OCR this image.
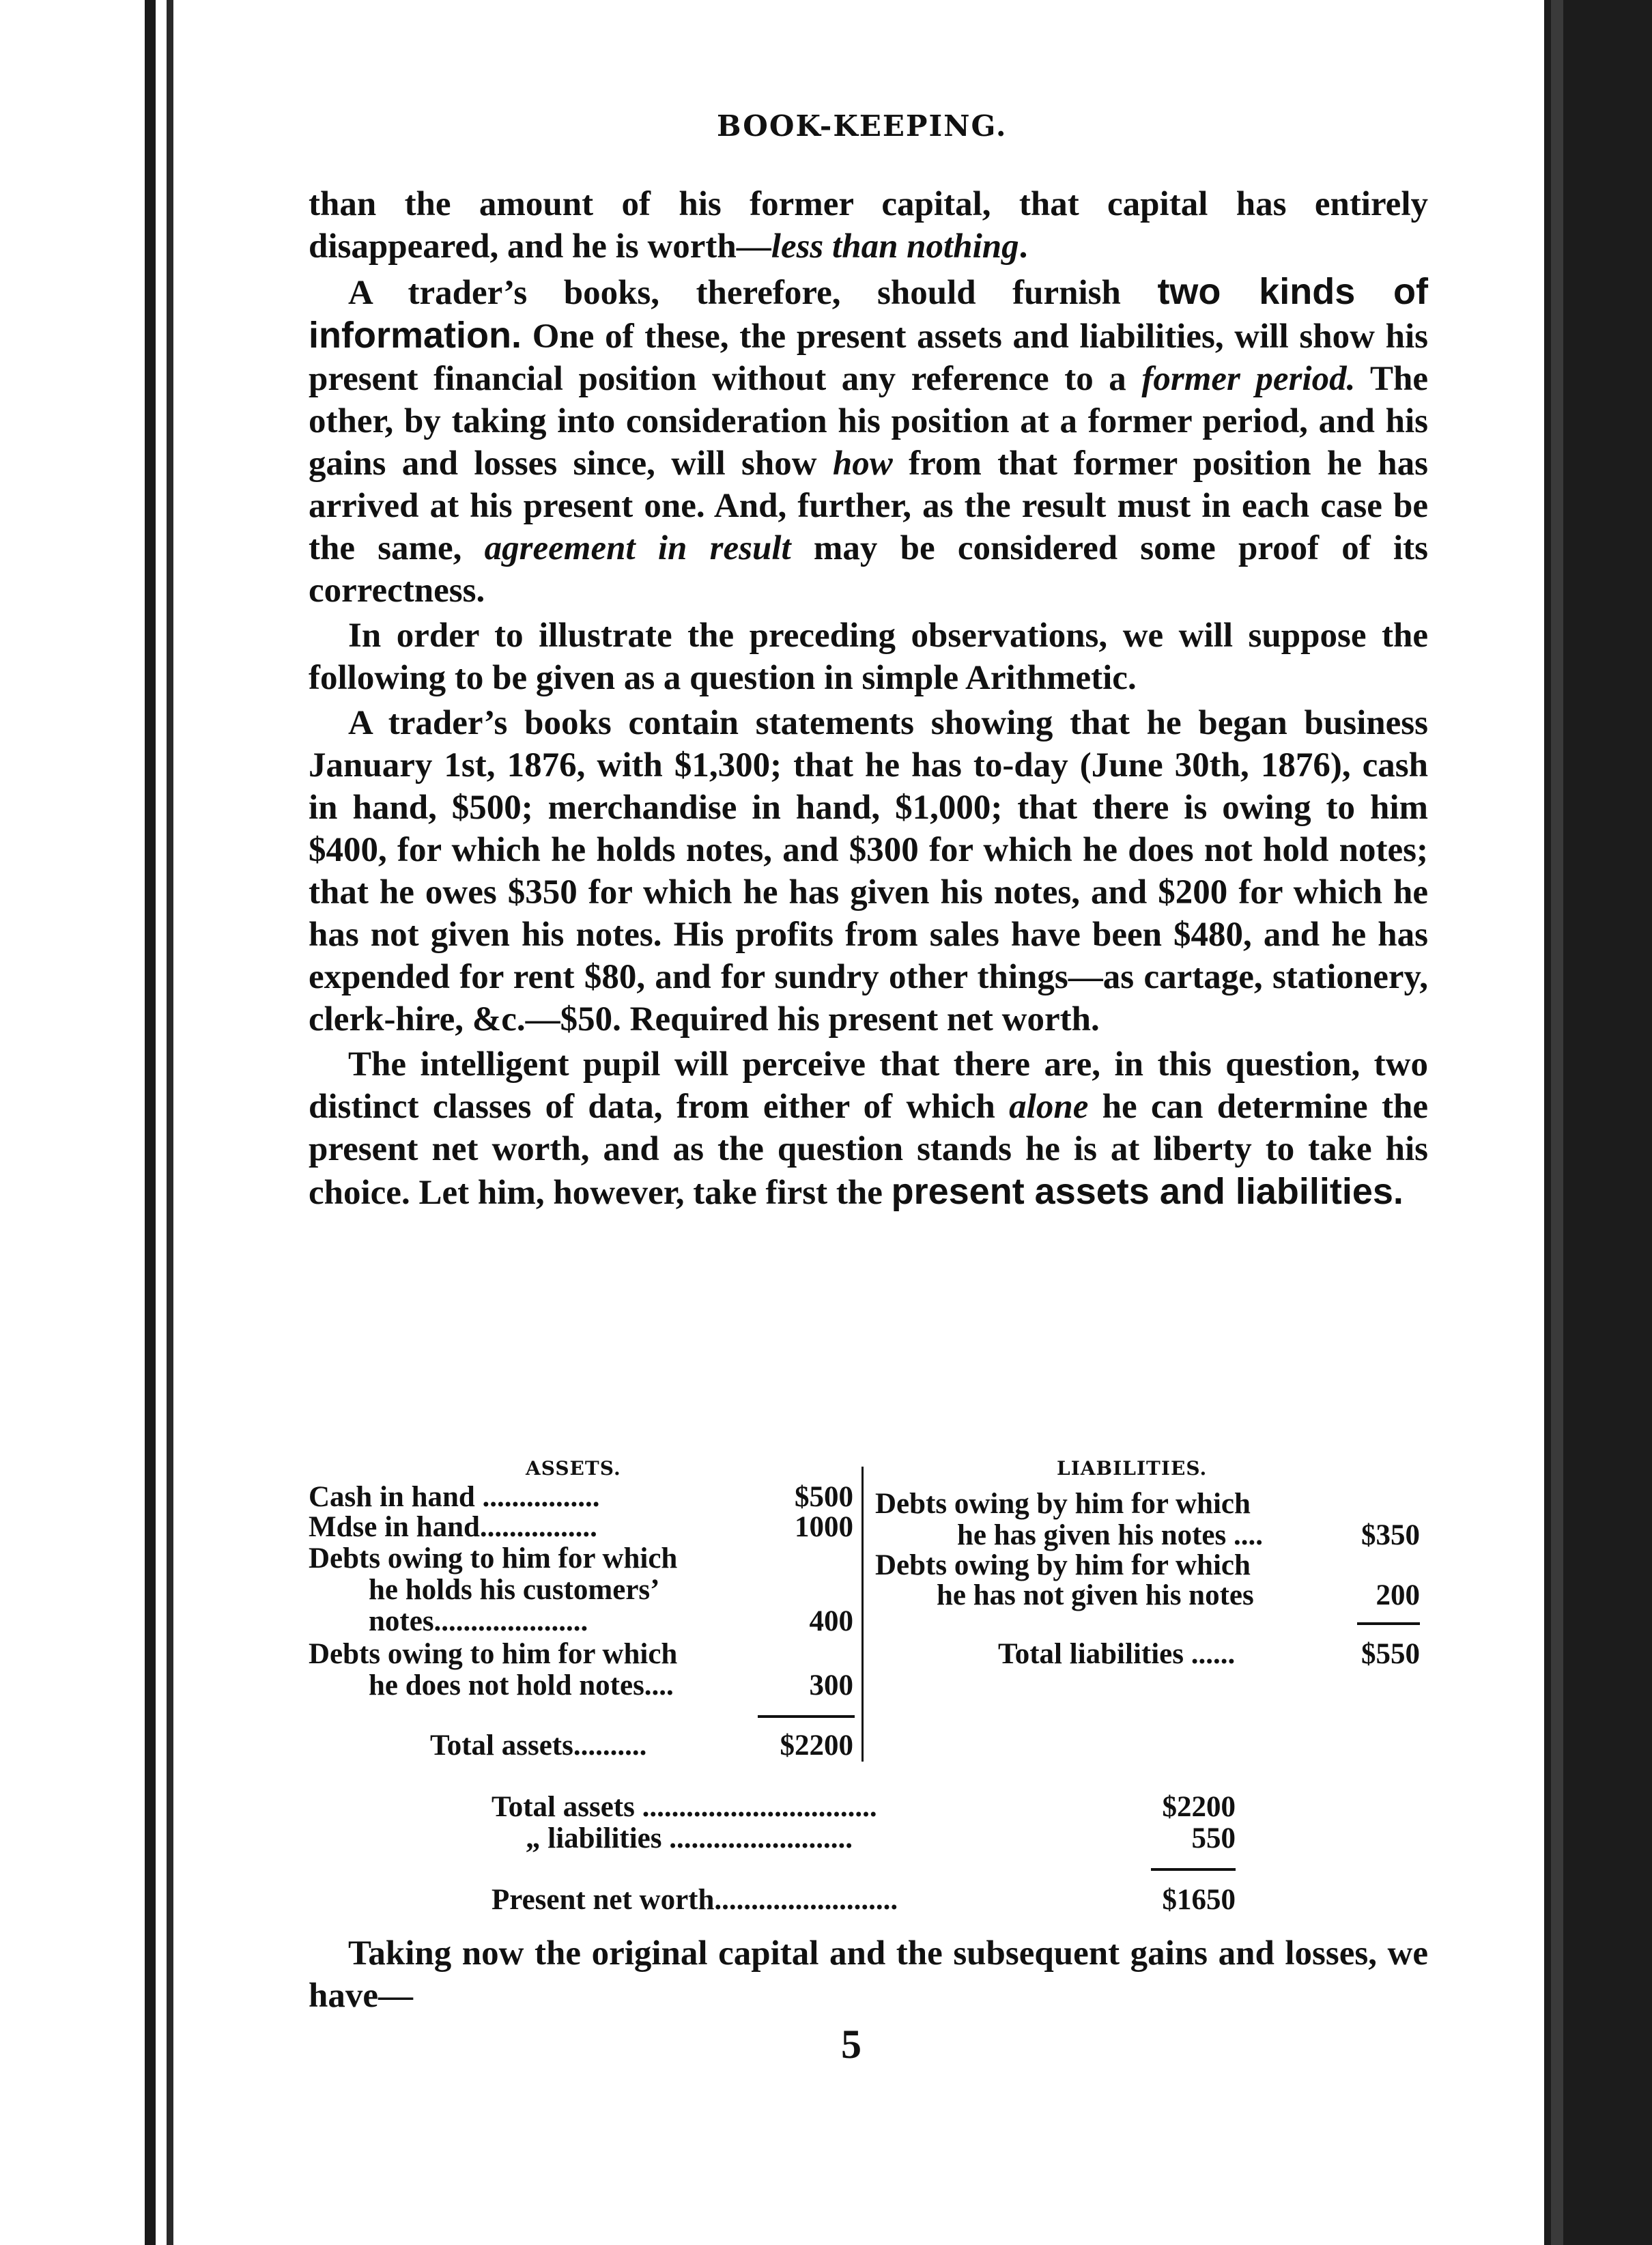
BOOK-KEEPING.

than the amount of his former capital, that capital has entirely disappeared, and he is worth—less than nothing.

A trader’s books, therefore, should furnish two kinds of information. One of these, the present assets and liabilities, will show his present financial position without any reference to a former period. The other, by taking into consideration his position at a former period, and his gains and losses since, will show how from that former position he has arrived at his present one. And, further, as the result must in each case be the same, agreement in result may be considered some proof of its correctness.

In order to illustrate the preceding observations, we will suppose the following to be given as a question in simple Arithmetic.

A trader’s books contain statements showing that he began business January 1st, 1876, with $1,300; that he has to-day (June 30th, 1876), cash in hand, $500; merchandise in hand, $1,000; that there is owing to him $400, for which he holds notes, and $300 for which he does not hold notes; that he owes $350 for which he has given his notes, and $200 for which he has not given his notes. His profits from sales have been $480, and he has expended for rent $80, and for sundry other things—as cartage, stationery, clerk-hire, &c.—$50. Required his present net worth.

The intelligent pupil will perceive that there are, in this question, two distinct classes of data, from either of which alone he can determine the present net worth, and as the question stands he is at liberty to take his choice. Let him, however, take first the present assets and liabilities.

ASSETS.
Cash in hand ................	$500
Mdse in hand................	1000
Debts owing to him for which
he holds his customers’
notes.....................	400
Debts owing to him for which
he does not hold notes....	300
Total assets..........	$2200
LIABILITIES.
Debts owing by him for which
he has given his notes ....	$350
Debts owing by him for which
he has not given his notes	200
Total liabilities ......	$550
Total assets ................................	$2200
„ liabilities .........................	550
Present net worth.........................	$1650

Taking now the original capital and the subsequent gains and losses, we have—

5
